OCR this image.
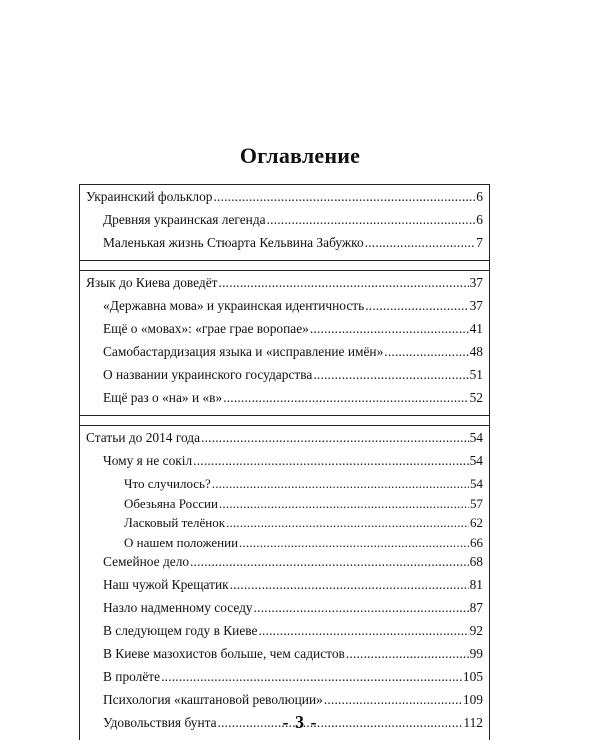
Оглавление
Украинский фольклор .....	6
Древняя украинская легенда .....	6
Маленькая жизнь Стюарта Кельвина Забужко .....	7
Язык до Киева доведёт .....	37
«Державна мова» и украинская идентичность .....	37
Ещё о «мовах»: «грае грае воропае» .....	41
Самобастардизация языка и «исправление имён» .....	48
О названии украинского государства .....	51
Ещё раз о «на» и «в» .....	52
Статьи до 2014 года .....	54
Чому я не сокіл .....	54
Что случилось? .....	54
Обезьяна России .....	57
Ласковый телёнок .....	62
О нашем положении .....	66
Семейное дело .....	68
Наш чужой Крещатик .....	81
Назло надменному соседу .....	87
В следующем году в Киеве .....	92
В Киеве мазохистов больше, чем садистов .....	99
В пролёте .....	105
Психология «каштановой революции» .....	109
Удовольствия бунта .....	112
- 3 -
